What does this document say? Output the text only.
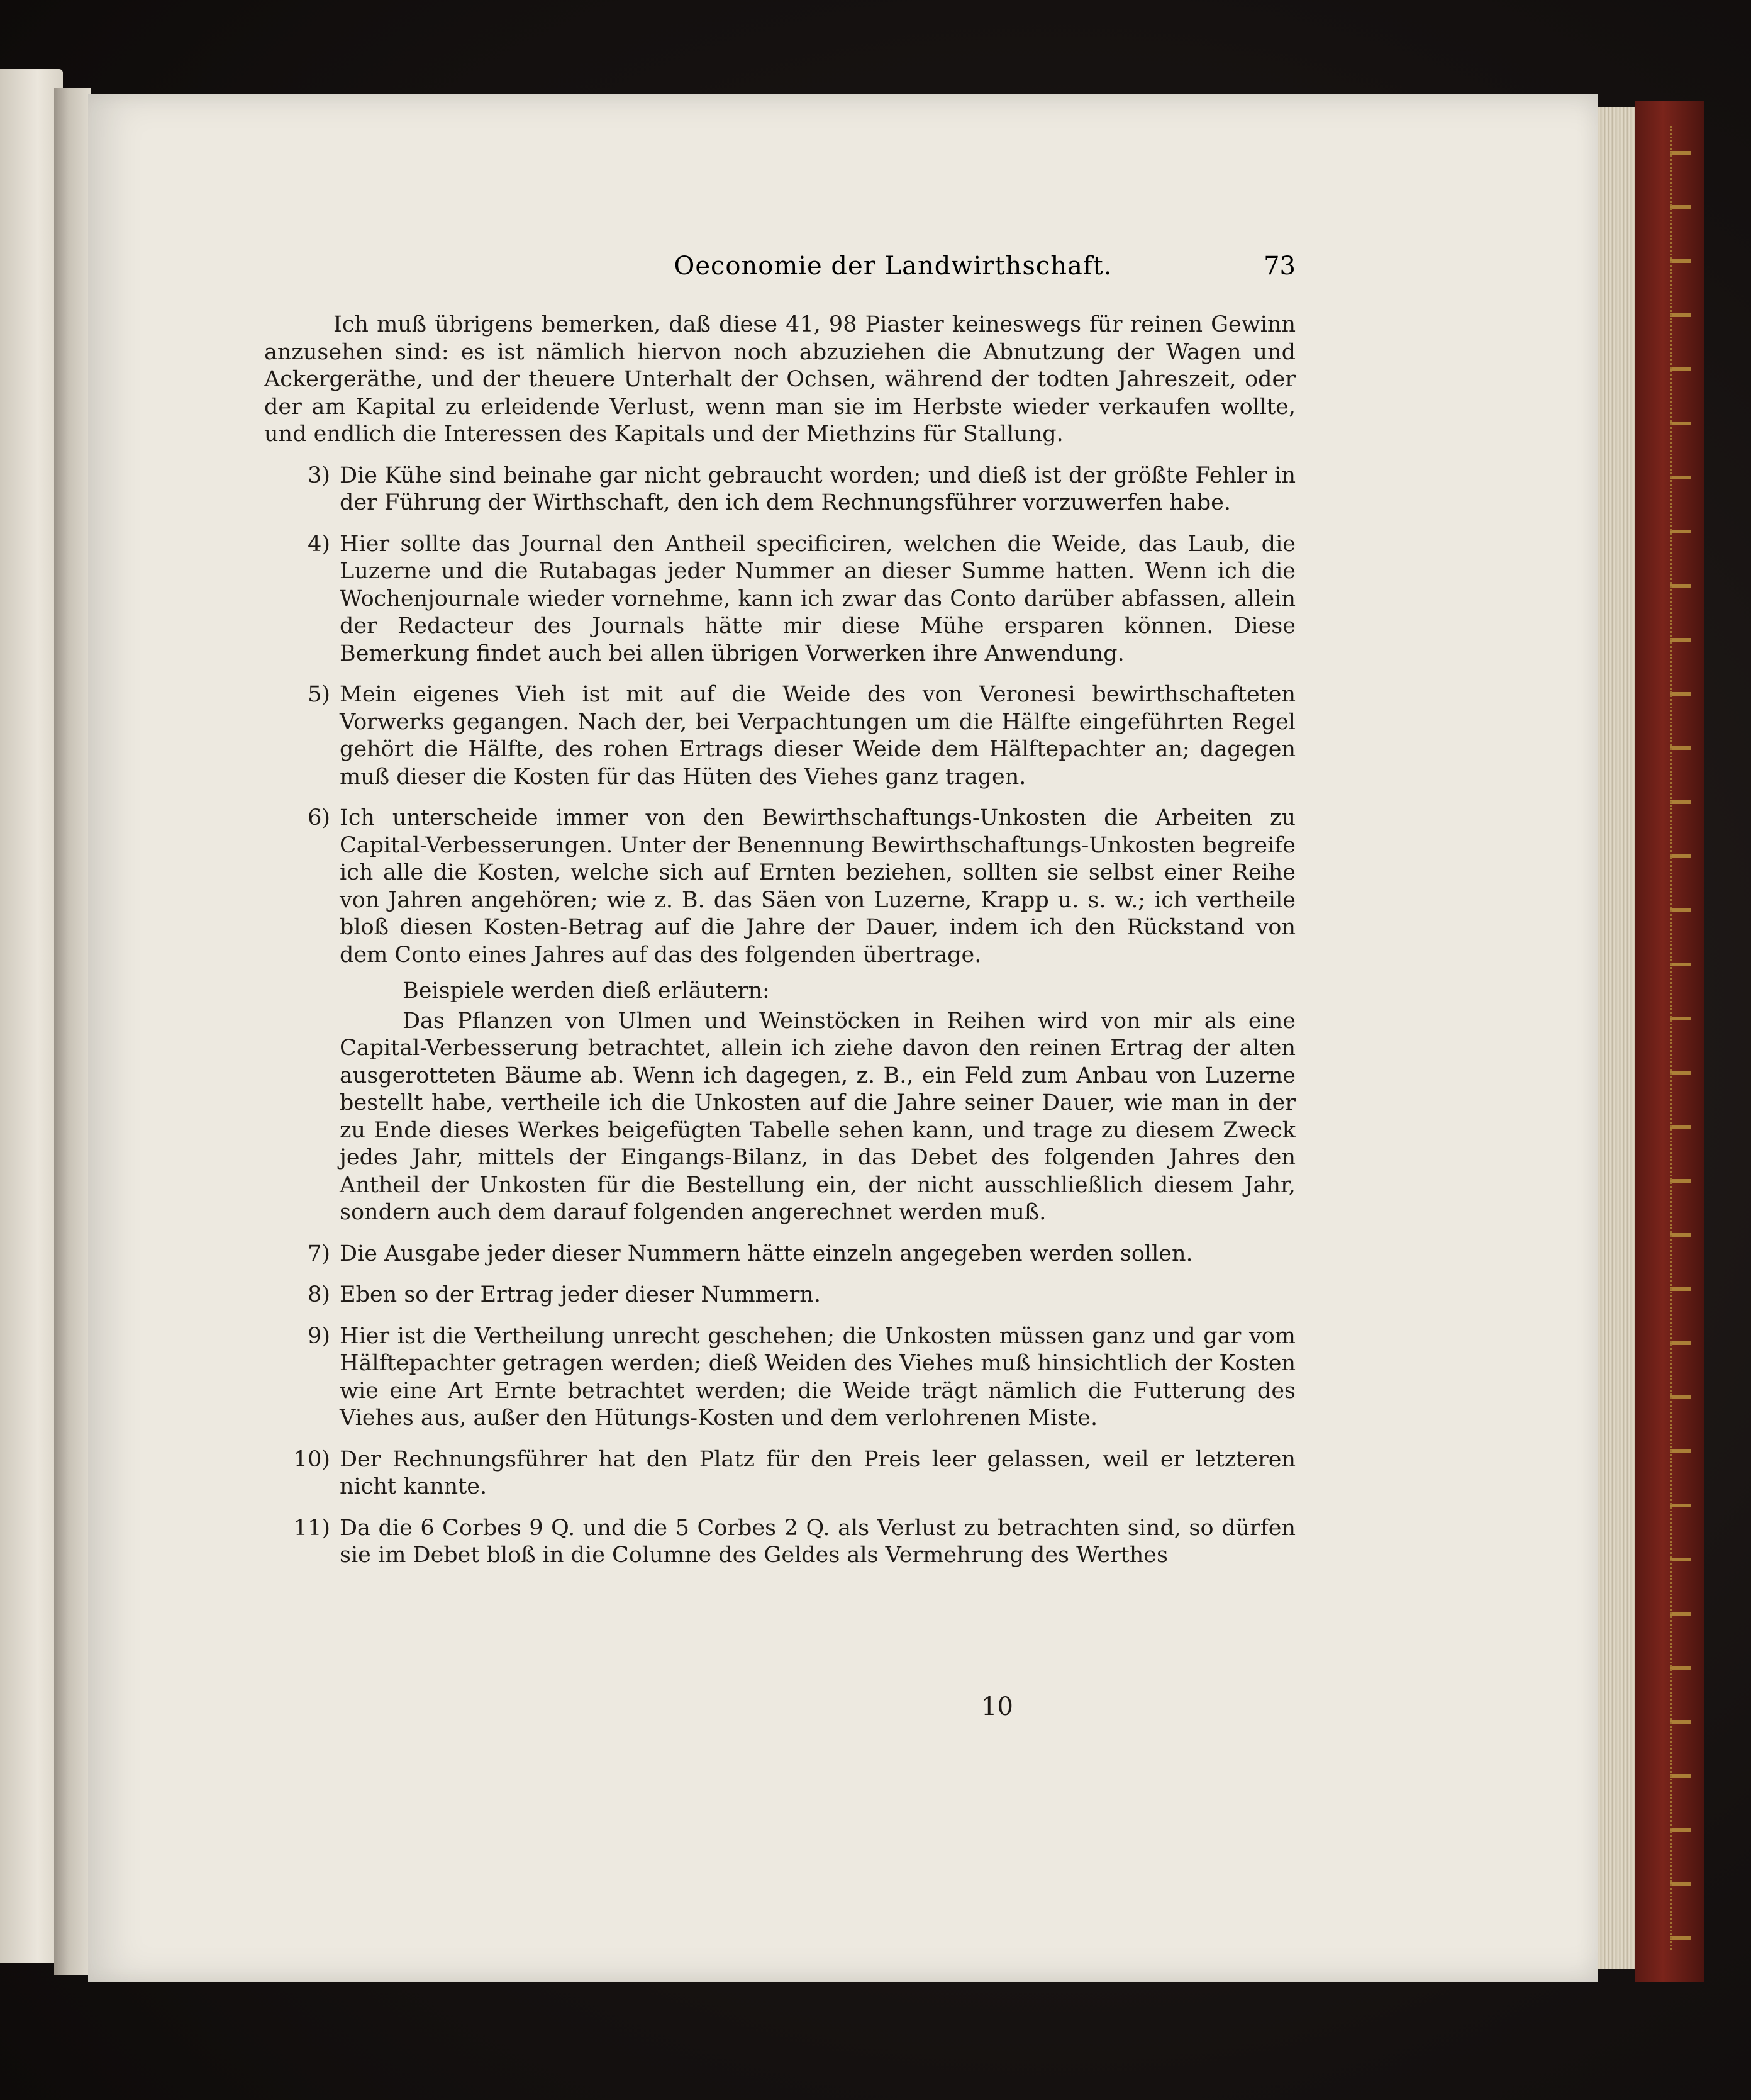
Oeconomie der Landwirthschaft.	73

Ich muß übrigens bemerken, daß diese 41, 98 Piaster keineswegs für reinen Gewinn anzusehen sind: es ist nämlich hiervon noch abzuziehen die Abnutzung der Wagen und Ackergeräthe, und der theuere Unterhalt der Ochsen, während der todten Jahreszeit, oder der am Kapital zu erleidende Verlust, wenn man sie im Herbste wieder verkaufen wollte, und endlich die Interessen des Kapitals und der Miethzins für Stallung.

3) Die Kühe sind beinahe gar nicht gebraucht worden; und dieß ist der größte Fehler in der Führung der Wirthschaft, den ich dem Rechnungsführer vorzuwerfen habe.
4) Hier sollte das Journal den Antheil specificiren, welchen die Weide, das Laub, die Luzerne und die Rutabagas jeder Nummer an dieser Summe hatten. Wenn ich die Wochenjournale wieder vornehme, kann ich zwar das Conto darüber abfassen, allein der Redacteur des Journals hätte mir diese Mühe ersparen können. Diese Bemerkung findet auch bei allen übrigen Vorwerken ihre Anwendung.
5) Mein eigenes Vieh ist mit auf die Weide des von Veronesi bewirthschafteten Vorwerks gegangen. Nach der, bei Verpachtungen um die Hälfte eingeführten Regel gehört die Hälfte, des rohen Ertrags dieser Weide dem Hälftepachter an; dagegen muß dieser die Kosten für das Hüten des Viehes ganz tragen.
6) Ich unterscheide immer von den Bewirthschaftungs-Unkosten die Arbeiten zu Capital-Verbesserungen. Unter der Benennung Bewirthschaftungs-Unkosten begreife ich alle die Kosten, welche sich auf Ernten beziehen, sollten sie selbst einer Reihe von Jahren angehören; wie z. B. das Säen von Luzerne, Krapp u. s. w.; ich vertheile bloß diesen Kosten-Betrag auf die Jahre der Dauer, indem ich den Rückstand von dem Conto eines Jahres auf das des folgenden übertrage.

Beispiele werden dieß erläutern:

Das Pflanzen von Ulmen und Weinstöcken in Reihen wird von mir als eine Capital-Verbesserung betrachtet, allein ich ziehe davon den reinen Ertrag der alten ausgerotteten Bäume ab. Wenn ich dagegen, z. B., ein Feld zum Anbau von Luzerne bestellt habe, vertheile ich die Unkosten auf die Jahre seiner Dauer, wie man in der zu Ende dieses Werkes beigefügten Tabelle sehen kann, und trage zu diesem Zweck jedes Jahr, mittels der Eingangs-Bilanz, in das Debet des folgenden Jahres den Antheil der Unkosten für die Bestellung ein, der nicht ausschließlich diesem Jahr, sondern auch dem darauf folgenden angerechnet werden muß.

7) Die Ausgabe jeder dieser Nummern hätte einzeln angegeben werden sollen.
8) Eben so der Ertrag jeder dieser Nummern.
9) Hier ist die Vertheilung unrecht geschehen; die Unkosten müssen ganz und gar vom Hälftepachter getragen werden; dieß Weiden des Viehes muß hinsichtlich der Kosten wie eine Art Ernte betrachtet werden; die Weide trägt nämlich die Futterung des Viehes aus, außer den Hütungs-Kosten und dem verlohrenen Miste.
10) Der Rechnungsführer hat den Platz für den Preis leer gelassen, weil er letzteren nicht kannte.
11) Da die 6 Corbes 9 Q. und die 5 Corbes 2 Q. als Verlust zu betrachten sind, so dürfen sie im Debet bloß in die Columne des Geldes als Vermehrung des Werthes
10
